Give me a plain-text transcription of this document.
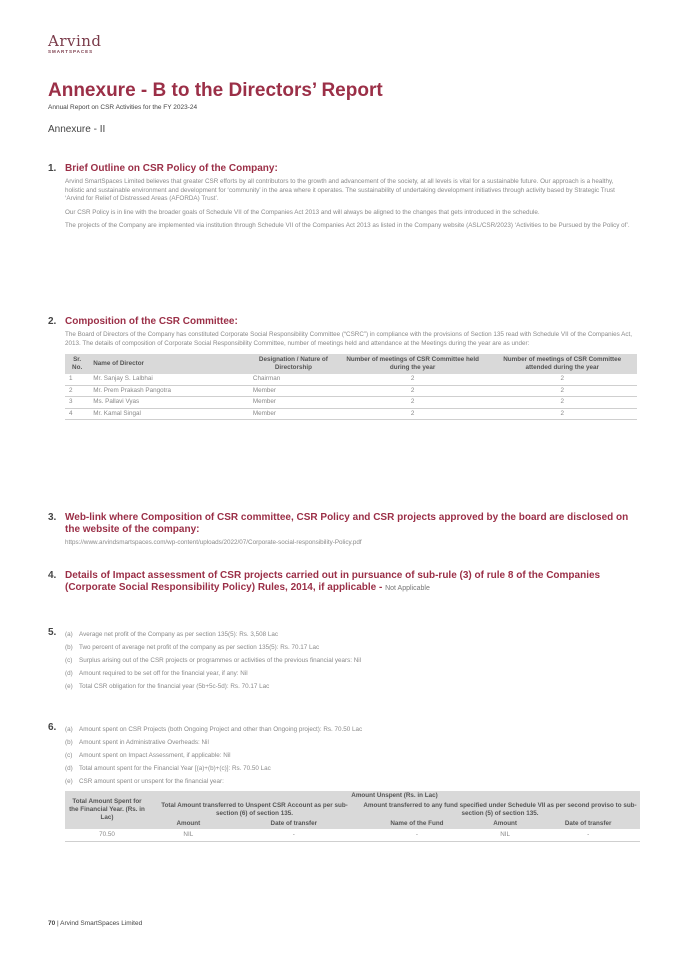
Arvind
SMARTSPACES
Annexure - B to the Directors’ Report
Annual Report on CSR Activities for the FY 2023-24
Annexure - II
1. Brief Outline on CSR Policy of the Company:
Arvind SmartSpaces Limited believes that greater CSR efforts by all contributors to the growth and advancement of the society, at all levels is vital for a sustainable future. Our approach is a healthy, holistic and sustainable environment and development for ‘community’ in the area where it operates. The sustainability of undertaking development initiatives through activity based by Strategic Trust ‘Arvind for Relief of Distressed Areas (AFORDA) Trust’.
Our CSR Policy is in line with the broader goals of Schedule VII of the Companies Act 2013 and will always be aligned to the changes that gets introduced in the schedule.
The projects of the Company are implemented via institution through Schedule VII of the Companies Act 2013 as listed in the Company website (ASL/CSR/2023) ‘Activities to be Pursued by the Policy of’.
2. Composition of the CSR Committee:
The Board of Directors of the Company has constituted Corporate Social Responsibility Committee (“CSRC”) in compliance with the provisions of Section 135 read with Schedule VII of the Companies Act, 2013. The details of composition of Corporate Social Responsibility Committee, number of meetings held and attendance at the Meetings during the year are as under:
Sr. No.	Name of Director	Designation / Nature of Directorship	Number of meetings of CSR Committee held during the year	Number of meetings of CSR Committee attended during the year
1	Mr. Sanjay S. Lalbhai	Chairman	2	2
2	Mr. Prem Prakash Pangotra	Member	2	2
3	Ms. Pallavi Vyas	Member	2	2
4	Mr. Kamal Singal	Member	2	2
3. Web-link where Composition of CSR committee, CSR Policy and CSR projects approved by the board are disclosed on the website of the company:
https://www.arvindsmartspaces.com/wp-content/uploads/2022/07/Corporate-social-responsibility-Policy.pdf
4. Details of Impact assessment of CSR projects carried out in pursuance of sub-rule (3) of rule 8 of the Companies (Corporate Social Responsibility Policy) Rules, 2014, if applicable - Not Applicable
5. (a) Average net profit of the Company as per section 135(5): Rs. 3,508 Lac
(b) Two percent of average net profit of the company as per section 135(5): Rs. 70.17 Lac
(c)	Surplus arising out of the CSR projects or programmes or activities of the previous financial years: Nil
(d) Amount required to be set off for the financial year, if any: Nil
(e) Total CSR obligation for the financial year (5b+5c-5d): Rs. 70.17 Lac
6. (a) Amount spent on CSR Projects (both Ongoing Project and other than Ongoing project): Rs. 70.50 Lac
(b) Amount spent in Administrative Overheads: Nil
(c)	Amount spent on Impact Assessment, if applicable: Nil
(d) Total amount spent for the Financial Year [(a)+(b)+(c)]: Rs. 70.50 Lac
(e) CSR amount spent or unspent for the financial year:
Total Amount Spent for the Financial Year. (Rs. in Lac)	Amount Unspent (Rs. in Lac)				
	Total Amount transferred to Unspent CSR Account as per sub-section (6) of section 135.		Amount transferred to any fund specified under Schedule VII as per second proviso to sub-section (5) of section 135.		
	Amount	Date of transfer	Name of the Fund	Amount	Date of transfer
70.50	NIL	-	-	NIL	-
70 | Arvind SmartSpaces Limited
